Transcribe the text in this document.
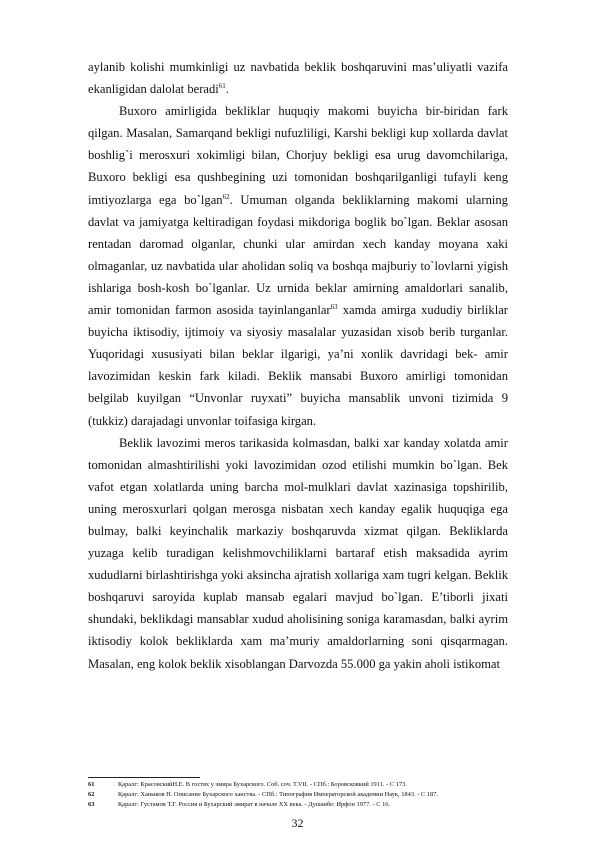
aylanib kolishi mumkinligi uz navbatida beklik boshqaruvini mas’uliyatli vazifa ekanligidan dalolat beradi$^{61}$.

Buxoro amirligida bekliklar huquqiy makomi buyicha bir-biridan fark qilgan. Masalan, Samarqand bekligi nufuzliligi, Karshi bekligi kup xollarda davlat boshlig`i merosxuri xokimligi bilan, Chorjuy bekligi esa urug davomchilariga, Buxoro bekligi esa qushbegining uzi tomonidan boshqarilganligi tufayli keng imtiyozlarga ega bo`lgan$^{62}$. Umuman olganda bekliklarning makomi ularning davlat va jamiyatga keltiradigan foydasi mikdoriga boglik bo`lgan. Beklar asosan rentadan daromad olganlar, chunki ular amirdan xech kanday moyana xaki olmaganlar, uz navbatida ular aholidan soliq va boshqa majburiy to`lovlarni yigish ishlariga bosh-kosh bo`lganlar. Uz urnida beklar amirning amaldorlari sanalib, amir tomonidan farmon asosida tayinlanganlar$^{63}$ xamda amirga xududiy birliklar buyicha iktisodiy, ijtimoiy va siyosiy masalalar yuzasidan xisob berib turganlar. Yuqoridagi xususiyati bilan beklar ilgarigi, ya’ni xonlik davridagi bek- amir lavozimidan keskin fark kiladi. Beklik mansabi Buxoro amirligi tomonidan belgilab kuyilgan “Unvonlar ruyxati” buyicha mansablik unvoni tizimida 9 (tukkiz) darajadagi unvonlar toifasiga kirgan.

Beklik lavozimi meros tarikasida kolmasdan, balki xar kanday xolatda amir tomonidan almashtirilishi yoki lavozimidan ozod etilishi mumkin bo`lgan. Bek vafot etgan xolatlarda uning barcha mol-mulklari davlat xazinasiga topshirilib, uning merosxurlari qolgan merosga nisbatan xech kanday egalik huquqiga ega bulmay, balki keyinchalik markaziy boshqaruvda xizmat qilgan. Bekliklarda yuzaga kelib turadigan kelishmovchiliklarni bartaraf etish maksadida ayrim xududlarni birlashtirishga yoki aksincha ajratish xollariga xam tugri kelgan. Beklik boshqaruvi saroyida kuplab mansab egalari mavjud bo`lgan. E’tiborli jixati shundaki, beklikdagi mansablar xudud aholisining soniga karamasdan, balki ayrim iktisodiy kolok bekliklarda xam ma’muriy amaldorlarning soni qisqarmagan. Masalan, eng kolok beklik xisoblangan Darvozda 55.000 ga yakin aholi istikomat

61	Қаралг: КрасовскийН.Е. В гостях у эмира Бухарского. Соб. соч. Т.VII. - СПб.: Боровсковкий 1911. - С 173.
62	Қаралг: Ханыков Н. Описание Бухарского ханства. - СПб.: Типография Императорской академии Наук, 1843. - С 187.
63	Қаралг: Густамов Т.Г. Россия и Бухарский эмират в начале XX века. - Душанбе: Ирфон 1977. - С 16.
32
